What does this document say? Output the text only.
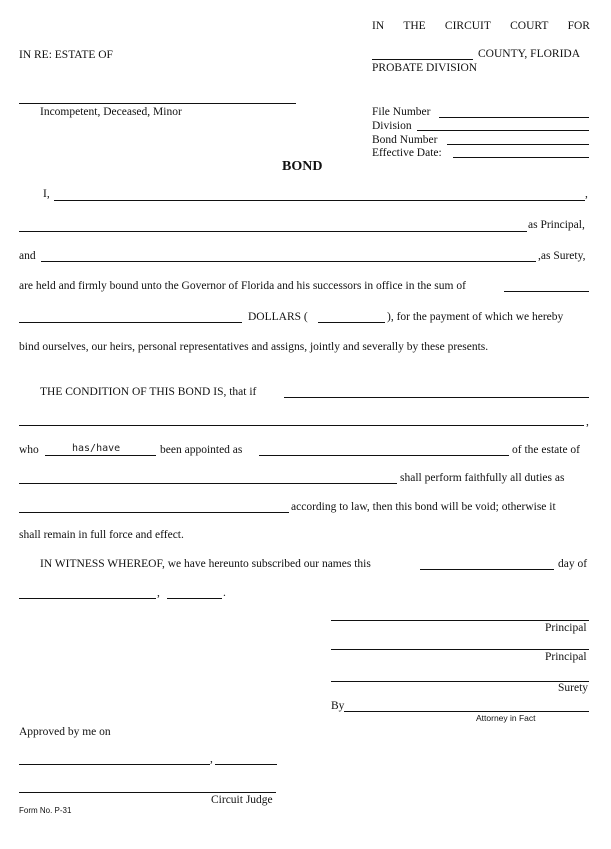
IN THE CIRCUIT COURT FOR
COUNTY, FLORIDA
PROBATE DIVISION
IN RE: ESTATE OF
Incompetent, Deceased, Minor	File Number
Division
Bond Number
Effective Date:
BOND
I,	,
as Principal,
and	,as Surety,
are held and firmly bound unto the Governor of Florida and his successors in office in the sum of
DOLLARS (	), for the payment of which we hereby
bind ourselves, our heirs, personal representatives and assigns, jointly and severally by these presents.
THE CONDITION OF THIS BOND IS, that if
,
who	has/have	been appointed as	of the estate of
shall perform faithfully all duties as
according to law, then this bond will be void; otherwise it
shall remain in full force and effect.
IN WITNESS WHEREOF, we have hereunto subscribed our names this	day of
,	.
Principal
Principal
Surety
By
Attorney in Fact
Approved by me on
,
Circuit Judge
Form No. P-31
